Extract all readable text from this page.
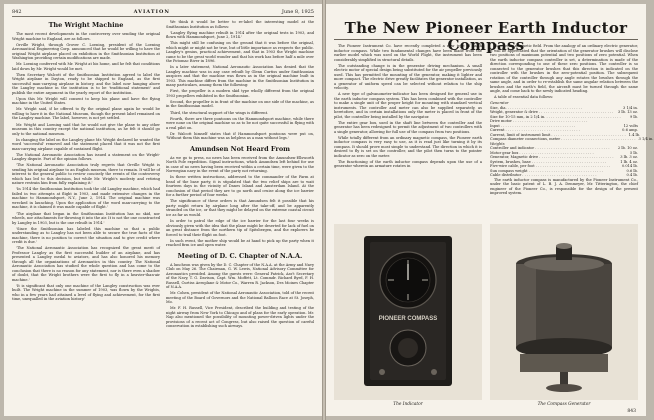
842	AVIATION	June 8, 1925
The Wright Machine

The most recent developments in the controversy over sending the original Wright machine to England, are as follows.

Orville Wright, through Grover C. Loening, president of the Loening Aeronautical Engineering Corp. announced that he would be willing to have the original Wright airplane placed on exhibition in the Smithsonian Institution at Washington providing certain modifications are made.

Mr. Loening conferred with Mr. Wright at his home, and he felt that conditions laid down by Mr. Wright would be met.

Then Secretary Walcott of the Smithsonian Institution agreed to label the Wright airplane in Dayton, ready to be shipped to England, as the first successful man-carrying airplane in history, and the label now hanging above the Langley machine in the institution is to be 'traditional statement' and publish the entire argument in the yearly report of the institution.

Upon this Mr. Wright will consent to keep his plane and have the flying machine in the United States.

Mr. Wright said, if he offered to fly the original plane again he would be willing to have it in the National Museum, though the present label remained on the Langley machine. The label, however, is not yet settled.

Mr. Wright and Loening said that he would not give the plane to any other museum in this country except the national institution, as he felt it should go only to the national museum.

In changing the label on the Langley plane Mr. Wright declared he wanted the word 'successful' removed and the statement placed that it was not the first man-carrying airplane capable of sustained flight.

The National Aeronautic Association has issued a statement on the Wright-Langley dispute. Part of the opinion follows.

'The National Aeronautic Association truly regrets that Orville Wright is sending his original airplane to an English museum, there to remain. It will be of interest to the general public to review concisely the events of the controversy which has led to this decision, but while Mr. Wright's modesty and retiring nature restrain him from fully explaining it.'

'In 1914 the Smithsonian Institution took the old Langley machine, which had failed in two attempts at flight in 1903, and made extensive changes in the machine to Hammondsport, N.Y., June 2, 1914. The original machine was wrecked in launching. Upon the application of the word man-carrying to the machine, it is claimed it was made capable of flight.'

'The airplane that began in the Smithsonian Institution has no skid, nor wheels, nor attachments for throwing it into the air. It is not the one constructed by Langley in 1903, but is the one rebuilt in 1914.'

'Since the Smithsonian has labeled this machine so that a public understanding as to Langley has not been able to secure the true facts of the machine, there is no position to correct the situation and to give credit where credit is due.'

'The National Aeronautic Association has recognized the great merit of Professor Langley as the first successful builder of an airplane, and has presented a Langley medal to aviators, and has also honored his memory through all the organizations of Aeronautics in this country. The National Aeronautic Association has studied the whole question and has come to the conclusion that there is no reason for any statement, nor is there even a shadow of doubt, that the Wright brothers were the first to fly in a heavier-than-air machine.'

'It is significant that only one machine of the Langley construction was ever built. The Wright machine in the summer of 1903, was flown by the Wrights, who in a few years had attained a level of flying and achievement, for the first time, unequalled in the aviation history.'

We think it would be better to re-label the interesting model at the Smithsonian Institution as follows:

'Langley flying machine rebuilt in 1914 after the original tests in 1903, and flown with Hammondsport, June 2, 1914.'

This might still be confusing on the ground that it was before the original, which might or might not be true, but of little importance as respects the public. Langley's genius, practical achievement, and that in 1903 the Wright machine came to be the great world wonder and that his work has before half a mile over the Potomac River in 1896.

In a later statement, National Aeronautic Association has denied that the Langley machine was in any case rebuilt by Glenn Curtiss under Smithsonian auspices and that the machine was flown as in the original machine built in 1903. This machine differs from the machine in the Smithsonian Institution in many particulars, among them the following:

First, the propeller is a modern skid type wholly different from the original 1903 propellers exhibited in the Smithsonian.

Second, the propeller is in front of the machine on one side of the machine, as in the Smithsonian model.

Third, the structural support of the wings is different.

Fourth, there are three pontoons on the Hammondsport machine, while there were none on the original machine so as to be not quite successful in flying with a real pilot on.

Dr. Walcott himself states that if Hammondsport pontoons were put on, 'Without them this machine was as helpless as a man without legs.'

Amundsen Not Heard From

As we go to press, no news has been received from the Amundsen-Ellsworth North Pole expedition. Signal instructions, which Amundsen left behind for use in case of no news having been received within a certain time, were given to the Norwegian navy in the event of the party not returning.

In these written instructions, addressed to the commander of the Farm at head of the base party, it is stipulated that the two relief ships are to wait fourteen days in the vicinity of Danes Island and Amsterdam Island. At the conclusion of that period they are to go north and cruise along the ice barrier for a further period of four weeks.

The significance of these orders is that Amundsen felt it possible that his party might return by airplane long after the take-off, and be apparently stranded on the ice, or that they might be delayed on the extreme coastal circuit ice as far as would.

In order to patrol the edge of the ice barrier for the last four weeks is obviously given with the idea that the plane might be deserted for lack of fuel on an great distance from the northern tip of Spitsbergen, and the explorers be forced to trail their flight on foot.

In such event, the mother ship would be at hand to pick up the party when it reached firm ice and open water.

Meeting of D. C. Chapter of N.A.A.

A luncheon was given by the D. C. Chapter of the N.A.A. at the Army and Navy Club on May 26. The Chairman, G. W. Lewis, National Advisory Committee for Aeronautics presided. Among the guests were: General Patrick, Ass't Secretary of the Navy, T. G. Davison, Capt. Wm. Moffett, Lt. Commdr. Richard Byrd, F. H. Russell, Curtiss Aeroplane & Motor Co., Warren R. Jackson, Des Moines Chapter of N.A.A.

Mr. Cohen, president of the National Aeronautic Association, told of the recent meeting of the Board of Governors and the National Balloon Race at St. Joseph, Mo.

Mr. F. H. Russell, Vice President, described the building and testing of the night airway from New York to Chicago and of plans for the early operation. Mr. Nap also mentioned the possibility of mounting power-driven lights under the provisions of a recent act of Congress, but also raised the question of careful conservation in establishing such airways.

The New Pioneer Earth Inductor Compass

The Pioneer Instrument Co. have recently completed a new type of earth inductor compass. While two fundamental changes have been made from the earlier model which was used on the World Flight, the instrument has been considerably simplified in structural details.

The outstanding change is in the generator driving mechanism. A small electric motor of special design being substituted for the air propeller previously used. This has permitted the mounting of the generator, making it lighter and more compact. The electric drive greatly facilitates the generator installation, as a generator of uniform speed can be selected without relation to the ship velocity.

A new type of galvanometer-indicator has been designed for general use in the earth inductor compass system. This has been combined with the controller to make a single unit of the proper height for mounting with standard vertical instruments. The controller and meter can also be supplied separately, as heretofore, and in certain installations only the meter is placed in front of the pilot, the controller being installed by the navigator.

The entire gear box, used in the shaft line between the controller and the generator has been redesigned to permit the adjustment of two controllers with a single generator, allowing for full use of the compass from two positions.

While totally different from an ordinary magnetic compass, the Pioneer earth inductor compass is very easy to use, as it is read just like turning it by its compass. It should prove most simple to understand. The direction in which it is desired to fly is set on the controller, and the pilot then turns to the pointer indicator as zero on the meter.

The functioning of the earth inductor compass depends upon the use of a generator wherein an armature rotates in

the earth's magnetic field. From the analogy of an ordinary electric generator, it will be appreciated that the orientation of the generator brushes will disclose two positions of maximum potential and two positions of zero potential. When the earth inductor compass controller is set, a determination is made of the direction corresponding to one of these zero positions. The controller is so connected to the generator brushes that this direction is indicated on the controller with the brushes in the zero-potential position. The subsequent rotation of the controller through any angle rotates the brushes through the same angle, and in order to re-establish the same angular relation between the brushes and the earth's field, the aircraft must be turned through the same angle, and come back to the newly indicated heading.

A table of essential data follows:

Generator
Size, dia. . . . . . . . . . . . . . . . . . . . . . . . . . . . . . . . . .	3 1/4 in.
Weight, generator & drive . . . . . . . . . . . . . . . . . . . . . . . . . . . . . . . . .	3 lb. 13 oz.
Size for 10-15 mm, in 2 1/4 in. . . . . . . . . . . . . . . . . . . . . . . . . . . . . . . . . .	9 lb.
Drive motor . . . . . . . . . . . . . . . . . . . . . . . . . . . . . . . . .
Input . . . . . . . . . . . . . . . . . . . . . . . . . . . . . . . . .	12 volts
Current . . . . . . . . . . . . . . . . . . . . . . . . . . . . . . . . .	0.6 amp.
Current, limit of instrument limit . . . . . . . . . . . . . . . . . . . . . . . . . . . . . . . . . 1.4 lb.
Compass diameter connections, meter . . . . . . . . . . . . . . . . . . . . . . . . . . . . . . . . . 3 1/4 in.
Weights
Controller and indicator . . . . . . . . . . . . . . . . . . . . . . . . . . . . . . . . .	2 lb. 10 oz.
Motor gear box . . . . . . . . . . . . . . . . . . . . . . . . . . . . . . . . .	5 lb.
Generator, Magnetic drive . . . . . . . . . . . . . . . . . . . . . . . . . . . . . . . . .	3 lb. 3 oz.
System, brushes, base . . . . . . . . . . . . . . . . . . . . . . . . . . . . . . . . .	1 lb. 4 oz.
Five-wire cable, per foot . . . . . . . . . . . . . . . . . . . . . . . . . . . . . . . . .	0.014 lb.
Sun compass weight . . . . . . . . . . . . . . . . . . . . . . . . . . . . . . . . .	0.6 lb.
Cable distributor . . . . . . . . . . . . . . . . . . . . . . . . . . . . . . . . .	0.4 lb.

The earth inductor compass is manufactured by the Pioneer Instrument Co., under the basic patent of L. B. J. A. Denmeyer, Mr. Titterington, the chief engineer of the Pioneer Co., is responsible for the design of the present improved system.

PIONEER COMPASS
The Indicator	The Compass Generator
843
